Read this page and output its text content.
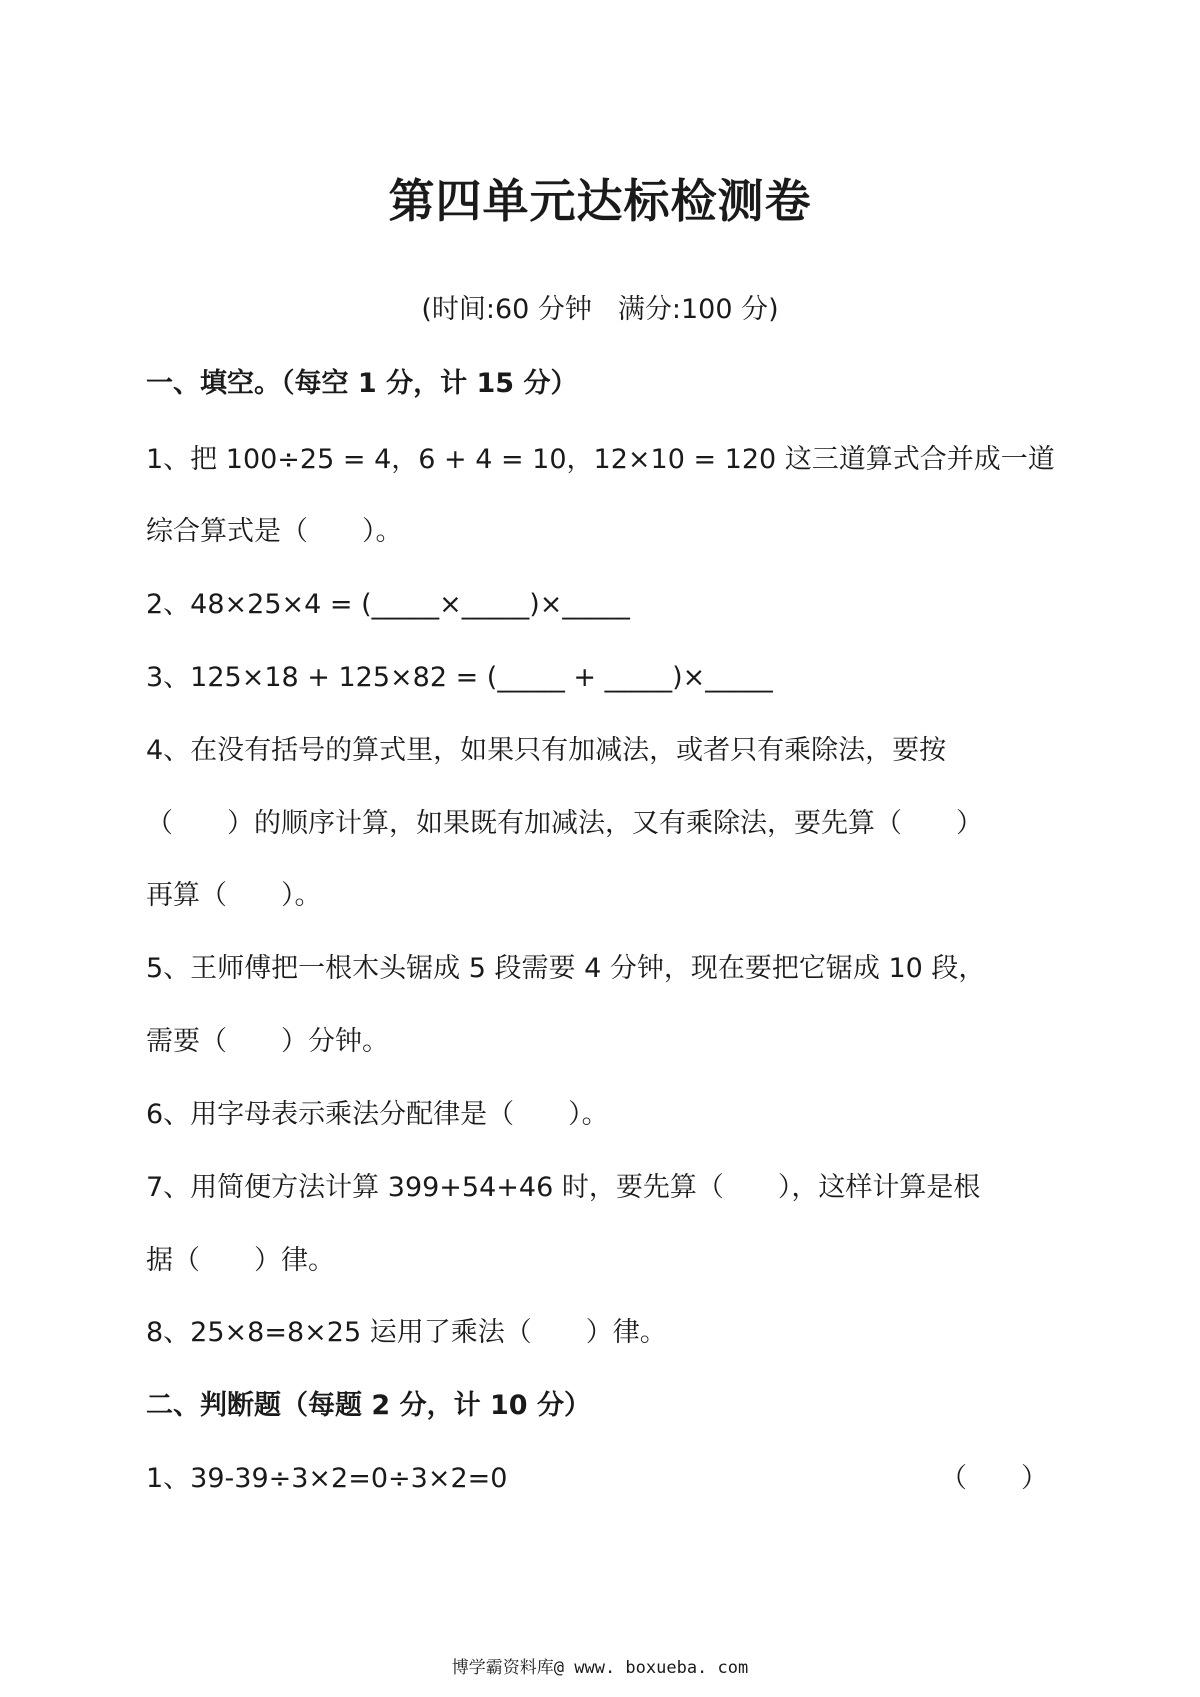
第四单元达标检测卷
(时间:60 分钟 满分:100 分)
一、填空。（每空 1 分，计 15 分）
1、把 100÷25 = 4，6 + 4 = 10，12×10 = 120 这三道算式合并成一道
综合算式是（　　）。
2、48×25×4 = (_____×_____)×_____
3、125×18 + 125×82 = (_____ + _____)×_____
4、在没有括号的算式里，如果只有加减法，或者只有乘除法，要按
（　　）的顺序计算，如果既有加减法，又有乘除法，要先算（　　）
再算（　　）。
5、王师傅把一根木头锯成 5 段需要 4 分钟，现在要把它锯成 10 段，
需要（　　）分钟。
6、用字母表示乘法分配律是（　　）。
7、用简便方法计算 399+54+46 时，要先算（　　），这样计算是根
据（　　）律。
8、25×8=8×25 运用了乘法（　　）律。
二、判断题（每题 2 分，计 10 分）
1、39-39÷3×2=0÷3×2=0	（　　）
博学霸资料库@ www. boxueba. com
